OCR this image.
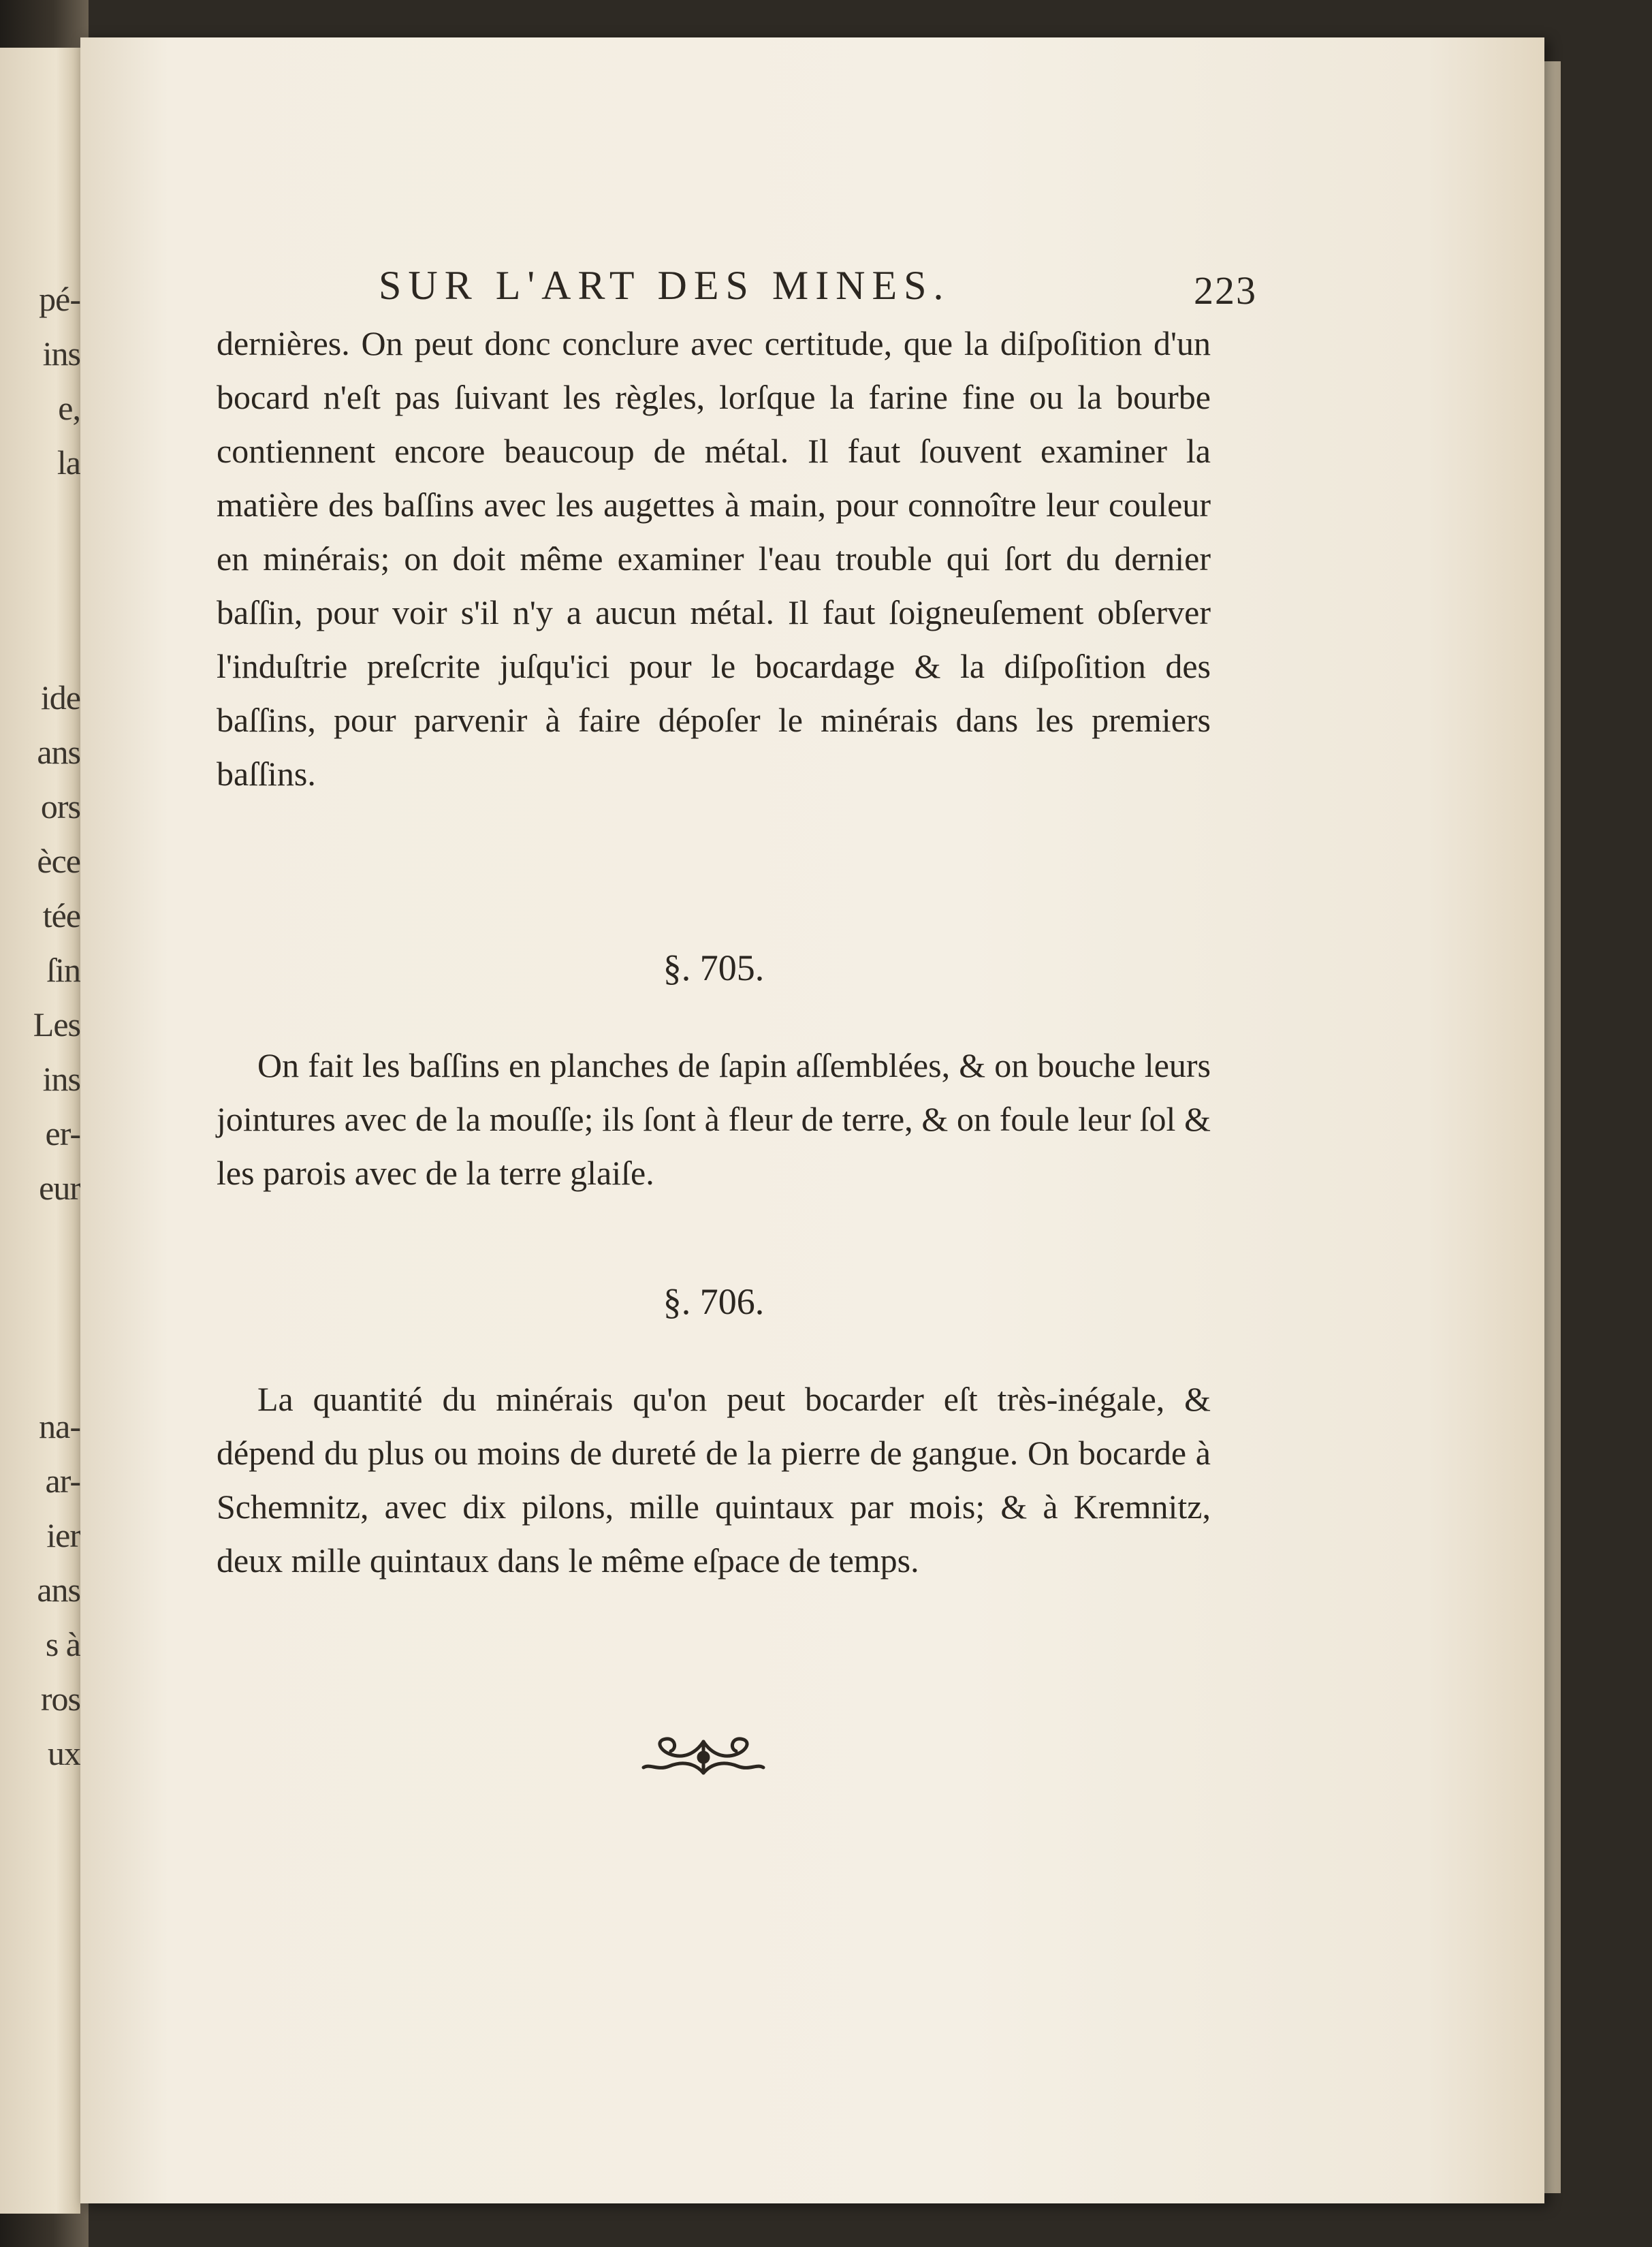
pé-
ins
e,
la
ide
ans
ors
èce
tée
ſin
Les
ins
er-
eur
na-
ar-
ier
ans
s à
ros
ux
SUR L'ART DES MINES.	223

dernières. On peut donc conclure avec certitude, que la diſpoſition d'un bocard n'eſt pas ſuivant les règles, lorſque la farine fine ou la bourbe contiennent encore beaucoup de métal. Il faut ſouvent examiner la matière des baſſins avec les augettes à main, pour connoître leur couleur en minérais; on doit même examiner l'eau trouble qui ſort du dernier baſſin, pour voir s'il n'y a aucun métal. Il faut ſoigneuſement obſerver l'induſtrie preſcrite juſqu'ici pour le bocardage & la diſpoſition des baſſins, pour parvenir à faire dépoſer le minérais dans les premiers baſſins.

§. 705.

On fait les baſſins en planches de ſapin aſſemblées, & on bouche leurs jointures avec de la mouſſe; ils ſont à fleur de terre, & on foule leur ſol & les parois avec de la terre glaiſe.

§. 706.

La quantité du minérais qu'on peut bocarder eſt très-inégale, & dépend du plus ou moins de dureté de la pierre de gangue. On bocarde à Schemnitz, avec dix pilons, mille quintaux par mois; & à Kremnitz, deux mille quintaux dans le même eſpace de temps.
